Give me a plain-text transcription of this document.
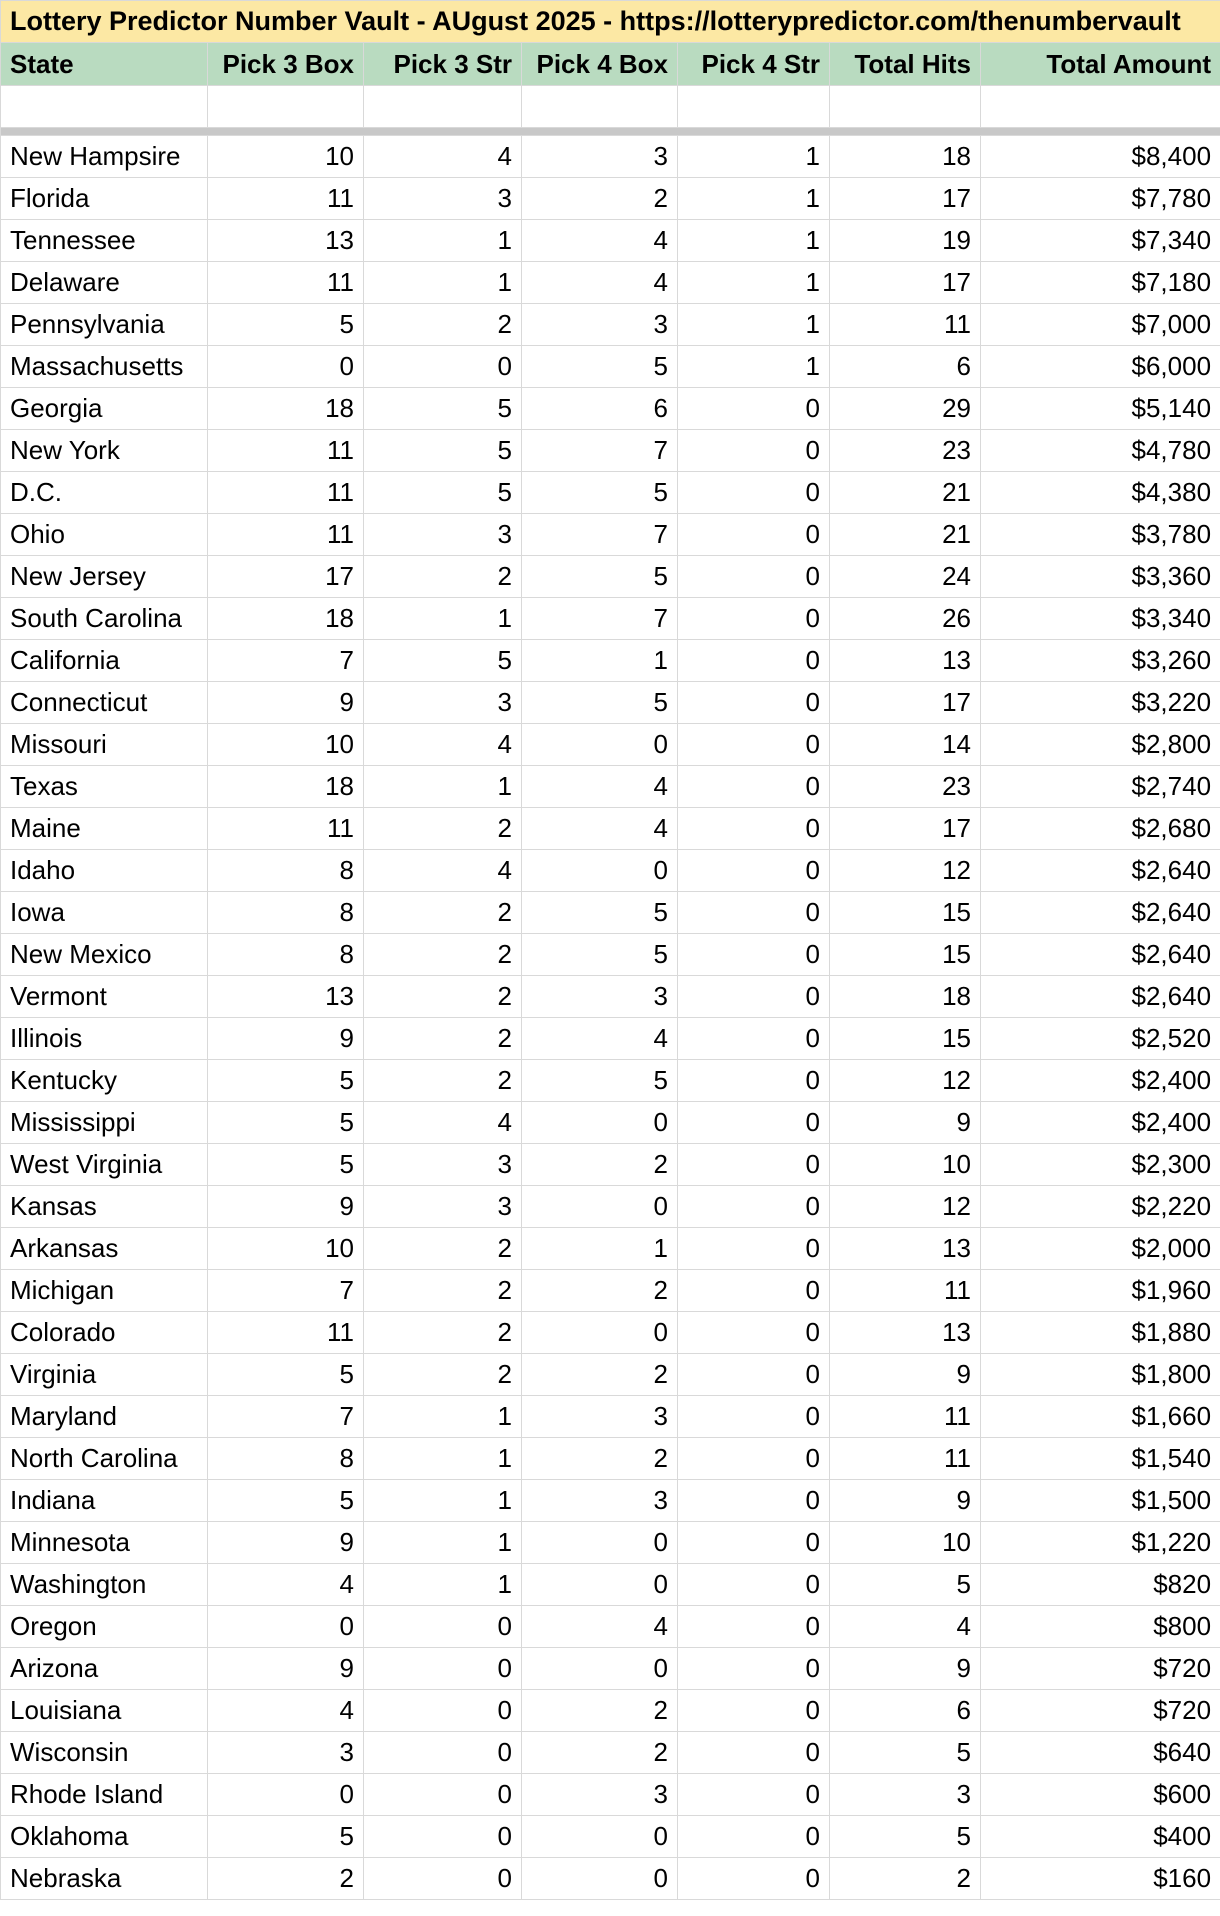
Lottery Predictor Number Vault - AUgust 2025 - https://lotterypredictor.com/thenumbervault						
State	Pick 3 Box	Pick 3 Str	Pick 4 Box	Pick 4 Str	Total Hits	Total Amount

New Hampsire	10	4	3	1	18	$8,400
Florida	11	3	2	1	17	$7,780
Tennessee	13	1	4	1	19	$7,340
Delaware	11	1	4	1	17	$7,180
Pennsylvania	5	2	3	1	11	$7,000
Massachusetts	0	0	5	1	6	$6,000
Georgia	18	5	6	0	29	$5,140
New York	11	5	7	0	23	$4,780
D.C.	11	5	5	0	21	$4,380
Ohio	11	3	7	0	21	$3,780
New Jersey	17	2	5	0	24	$3,360
South Carolina	18	1	7	0	26	$3,340
California	7	5	1	0	13	$3,260
Connecticut	9	3	5	0	17	$3,220
Missouri	10	4	0	0	14	$2,800
Texas	18	1	4	0	23	$2,740
Maine	11	2	4	0	17	$2,680
Idaho	8	4	0	0	12	$2,640
Iowa	8	2	5	0	15	$2,640
New Mexico	8	2	5	0	15	$2,640
Vermont	13	2	3	0	18	$2,640
Illinois	9	2	4	0	15	$2,520
Kentucky	5	2	5	0	12	$2,400
Mississippi	5	4	0	0	9	$2,400
West Virginia	5	3	2	0	10	$2,300
Kansas	9	3	0	0	12	$2,220
Arkansas	10	2	1	0	13	$2,000
Michigan	7	2	2	0	11	$1,960
Colorado	11	2	0	0	13	$1,880
Virginia	5	2	2	0	9	$1,800
Maryland	7	1	3	0	11	$1,660
North Carolina	8	1	2	0	11	$1,540
Indiana	5	1	3	0	9	$1,500
Minnesota	9	1	0	0	10	$1,220
Washington	4	1	0	0	5	$820
Oregon	0	0	4	0	4	$800
Arizona	9	0	0	0	9	$720
Louisiana	4	0	2	0	6	$720
Wisconsin	3	0	2	0	5	$640
Rhode Island	0	0	3	0	3	$600
Oklahoma	5	0	0	0	5	$400
Nebraska	2	0	0	0	2	$160
